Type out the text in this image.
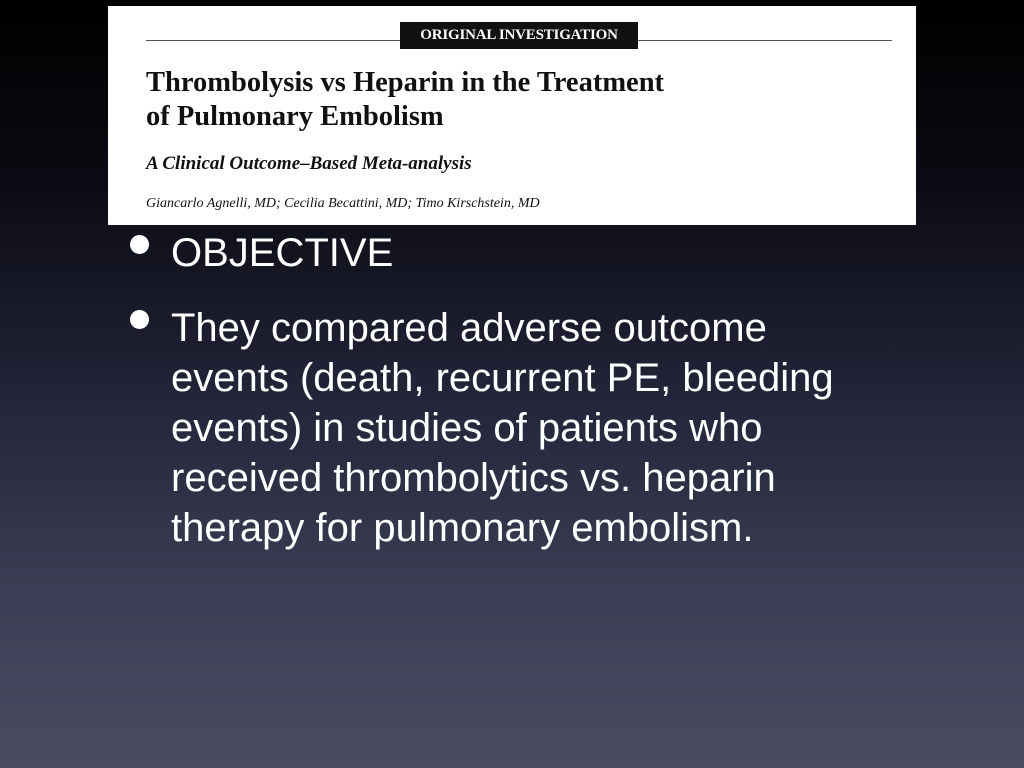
ORIGINAL INVESTIGATION
Thrombolysis vs Heparin in the Treatment
of Pulmonary Embolism
A Clinical Outcome–Based Meta-analysis
Giancarlo Agnelli, MD; Cecilia Becattini, MD; Timo Kirschstein, MD
OBJECTIVE
They compared adverse outcome events (death, recurrent PE, bleeding events) in studies of patients who received thrombolytics vs. heparin therapy for pulmonary embolism.
